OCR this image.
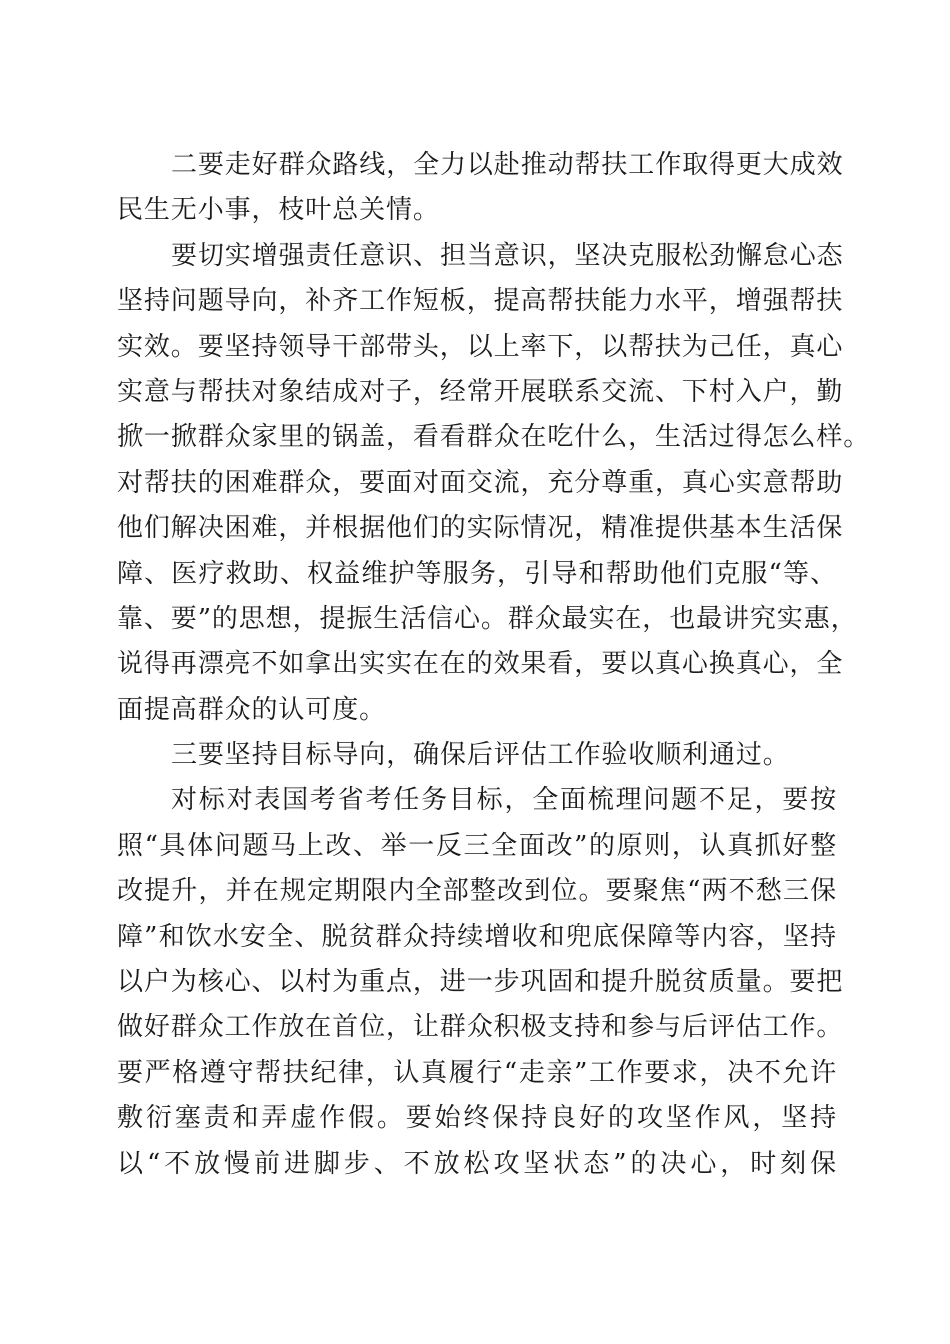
二要走好群众路线，全力以赴推动帮扶工作取得更大成效
民生无小事，枝叶总关情。
要切实增强责任意识、担当意识，坚决克服松劲懈怠心态
坚持问题导向，补齐工作短板，提高帮扶能力水平，增强帮扶
实效。要坚持领导干部带头，以上率下，以帮扶为己任，真心
实意与帮扶对象结成对子，经常开展联系交流、下村入户，勤
掀一掀群众家里的锅盖，看看群众在吃什么，生活过得怎么样。
对帮扶的困难群众，要面对面交流，充分尊重，真心实意帮助
他们解决困难，并根据他们的实际情况，精准提供基本生活保
障、医疗救助、权益维护等服务，引导和帮助他们克服“等、
靠、要”的思想，提振生活信心。群众最实在，也最讲究实惠，
说得再漂亮不如拿出实实在在的效果看，要以真心换真心，全
面提高群众的认可度。
三要坚持目标导向，确保后评估工作验收顺利通过。
对标对表国考省考任务目标，全面梳理问题不足，要按
照“具体问题马上改、举一反三全面改”的原则，认真抓好整
改提升，并在规定期限内全部整改到位。要聚焦“两不愁三保
障”和饮水安全、脱贫群众持续增收和兜底保障等内容，坚持
以户为核心、以村为重点，进一步巩固和提升脱贫质量。要把
做好群众工作放在首位，让群众积极支持和参与后评估工作。
要严格遵守帮扶纪律，认真履行“走亲”工作要求，决不允许
敷衍塞责和弄虚作假。要始终保持良好的攻坚作风，坚持
以“不放慢前进脚步、不放松攻坚状态”的决心，时刻保
